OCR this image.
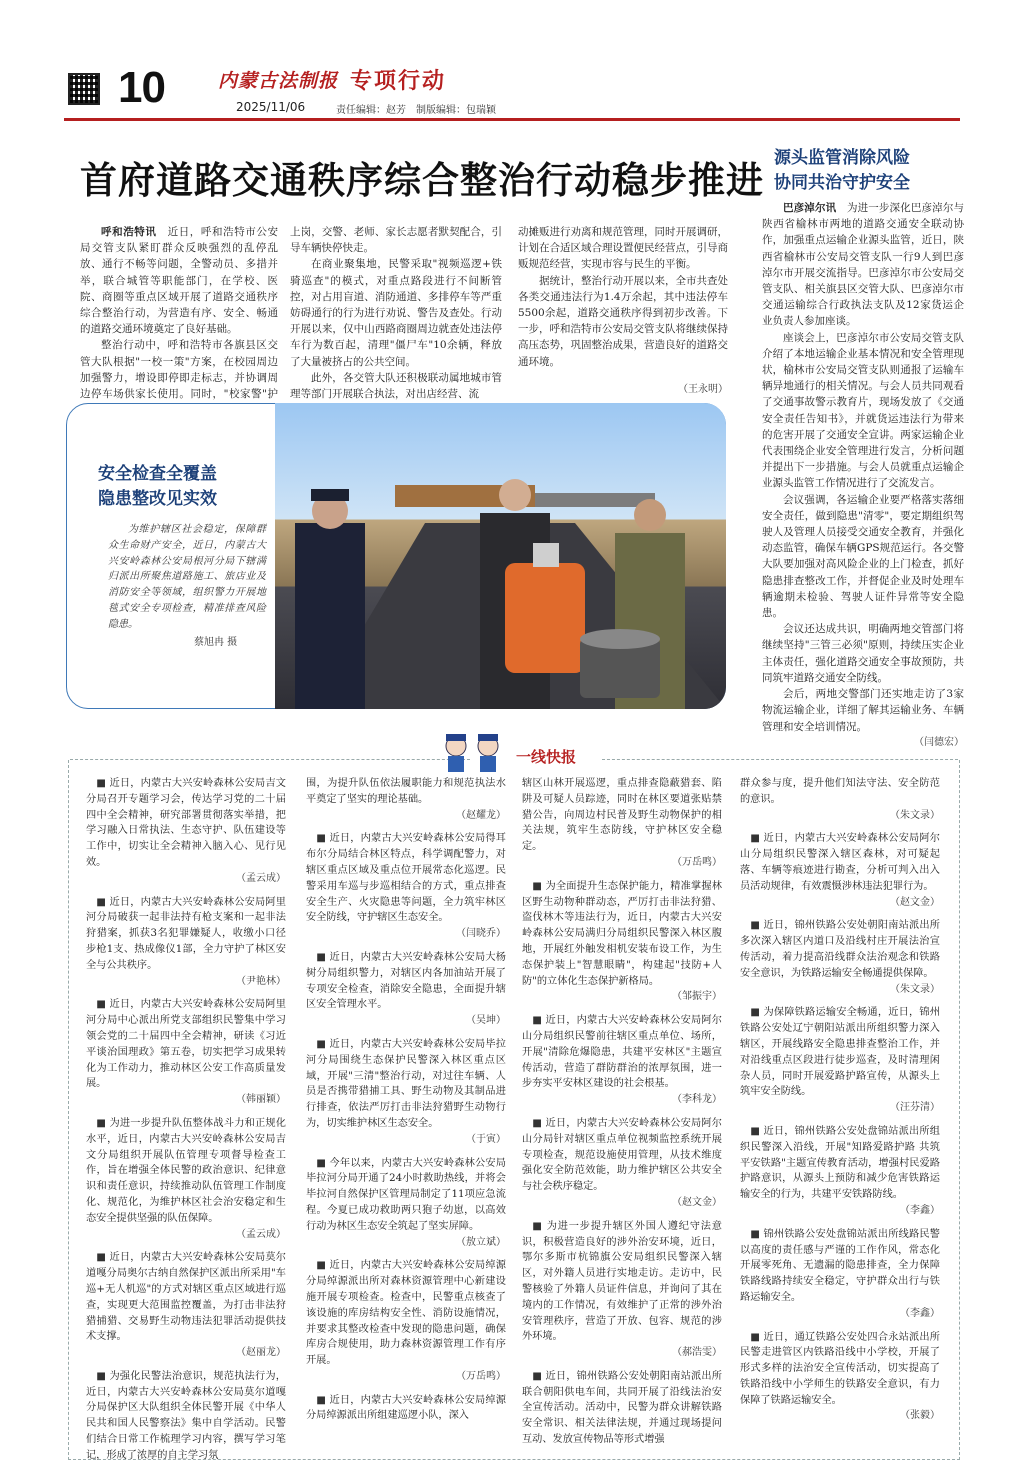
10	内蒙古法制报
2025/11/06
专项行动
责任编辑：赵芳　制版编辑：包瑞颖
首府道路交通秩序综合整治行动稳步推进

呼和浩特讯　 近日，呼和浩特市公安局交管支队紧盯群众反映强烈的乱停乱放、通行不畅等问题，全警动员、多措并举，联合城管等职能部门，在学校、医院、商圈等重点区域开展了道路交通秩序综合整治行动，为营造有序、安全、畅通的道路交通环境奠定了良好基础。

整治行动中，呼和浩特市各旗县区交管大队根据"一校一策"方案，在校园周边加强警力，增设即停即走标志，并协调周边停车场供家长使用。同时，"校家警"护

上岗，交警、老师、家长志愿者默契配合，引导车辆快停快走。

在商业聚集地，民警采取"视频巡逻+铁骑巡查"的模式，对重点路段进行不间断管控，对占用盲道、消防通道、多排停车等严重妨碍通行的行为进行劝说、警告及查处。行动开展以来，仅中山西路商圈周边就查处违法停车行为数百起，清理"僵尸车"10余辆，释放了大量被挤占的公共空间。

此外，各交管大队还积极联动属地城市管理等部门开展联合执法，对出店经营、流

动摊贩进行劝离和规范管理，同时开展调研，计划在合适区域合理设置便民经营点，引导商贩规范经营，实现市容与民生的平衡。

据统计，整治行动开展以来，全市共查处各类交通违法行为1.4万余起，其中违法停车5500余起，道路交通秩序得到初步改善。下一步，呼和浩特市公安局交管支队将继续保持高压态势，巩固整治成果，营造良好的道路交通环境。

（王永明）
源头监管消除风险
协同共治守护安全

巴彦淖尔讯　 为进一步深化巴彦淖尔与陕西省榆林市两地的道路交通安全联动协作，加强重点运输企业源头监管，近日，陕西省榆林市公安局交管支队一行9人到巴彦淖尔市开展交流指导。巴彦淖尔市公安局交管支队、相关旗县区交管大队、巴彦淖尔市交通运输综合行政执法支队及12家货运企业负责人参加座谈。

座谈会上，巴彦淖尔市公安局交管支队介绍了本地运输企业基本情况和安全管理现状，榆林市公安局交管支队则通报了运输车辆异地通行的相关情况。与会人员共同观看了交通事故警示教育片，现场发放了《交通安全责任告知书》，并就货运违法行为带来的危害开展了交通安全宣讲。两家运输企业代表围绕企业安全管理进行发言，分析问题并提出下一步措施。与会人员就重点运输企业源头监管工作情况进行了交流发言。

会议强调，各运输企业要严格落实落细安全责任，做到隐患"清零"，要定期组织驾驶人及管理人员接受交通安全教育，并强化动态监管，确保车辆GPS规范运行。各交警大队要加强对高风险企业的上门检查，抓好隐患排查整改工作，并督促企业及时处理车辆逾期未检验、驾驶人证件异常等安全隐患。

会议还达成共识，明确两地交管部门将继续坚持"三管三必须"原则，持续压实企业主体责任，强化道路交通安全事故预防，共同筑牢道路交通安全防线。

会后，两地交警部门还实地走访了3家物流运输企业，详细了解其运输业务、车辆管理和安全培训情况。

（闫德宏）
安全检查全覆盖
隐患整改见实效

为维护辖区社会稳定，保障群众生命财产安全，近日，内蒙古大兴安岭森林公安局根河分局下辖满归派出所聚焦道路施工、旅店业及消防安全等领域，组织警力开展地毯式安全专项检查，精准排查风险隐患。

蔡旭冉 摄
一线快报

■ 近日，内蒙古大兴安岭森林公安局吉文分局召开专题学习会，传达学习党的二十届四中全会精神，研究部署贯彻落实举措，把学习融入日常执法、生态守护、队伍建设等工作中，切实让全会精神入脑入心、见行见效。

（孟云成）

■ 近日，内蒙古大兴安岭森林公安局阿里河分局破获一起非法持有枪支案和一起非法狩猎案，抓获3名犯罪嫌疑人，收缴小口径步枪1支、热成像仪1部，全力守护了林区安全与公共秩序。

（尹艳林）

■ 近日，内蒙古大兴安岭森林公安局阿里河分局中心派出所党支部组织民警集中学习领会党的二十届四中全会精神，研读《习近平谈治国理政》第五卷，切实把学习成果转化为工作动力，推动林区公安工作高质量发展。

（韩丽颖）

■ 为进一步提升队伍整体战斗力和正规化水平，近日，内蒙古大兴安岭森林公安局吉文分局组织开展队伍管理专项督导检查工作，旨在增强全体民警的政治意识、纪律意识和责任意识，持续推动队伍管理工作制度化、规范化，为维护林区社会治安稳定和生态安全提供坚强的队伍保障。

（孟云成）

■ 近日，内蒙古大兴安岭森林公安局莫尔道嘎分局奥尔古纳自然保护区派出所采用"车巡+无人机巡"的方式对辖区重点区域进行巡查，实现更大范围监控覆盖，为打击非法狩猎捕猎、交易野生动物违法犯罪活动提供技术支撑。

（赵丽龙）

■ 为强化民警法治意识，规范执法行为，近日，内蒙古大兴安岭森林公安局莫尔道嘎分局保护区大队组织全体民警开展《中华人民共和国人民警察法》集中自学活动。民警们结合日常工作梳理学习内容，撰写学习笔记，形成了浓厚的自主学习氛

围，为提升队伍依法履职能力和规范执法水平奠定了坚实的理论基础。

（赵耀龙）

■ 近日，内蒙古大兴安岭森林公安局得耳布尔分局结合林区特点，科学调配警力，对辖区重点区域及重点位开展常态化巡逻。民警采用车巡与步巡相结合的方式，重点排查安全生产、火灾隐患等问题，全力筑牢林区安全防线，守护辖区生态安全。

（闫晓乔）

■ 近日，内蒙古大兴安岭森林公安局大杨树分局组织警力，对辖区内各加油站开展了专项安全检查，消除安全隐患，全面提升辖区安全管理水平。

（吴坤）

■ 近日，内蒙古大兴安岭森林公安局毕拉河分局围绕生态保护民警深入林区重点区域，开展"三清"整治行动，对过往车辆、人员是否携带猎捕工具、野生动物及其制品进行排查，依法严厉打击非法狩猎野生动物行为，切实维护林区生态安全。

（于寅）

■ 今年以来，内蒙古大兴安岭森林公安局毕拉河分局开通了24小时救助热线，并将会毕拉河自然保护区管理局制定了11项应急流程。今夏已成功救助两只狍子幼崽，以高效行动为林区生态安全筑起了坚实屏障。

（敖立斌）

■ 近日，内蒙古大兴安岭森林公安局绰源分局绰源派出所对森林资源管理中心新建设施开展专项检查。检查中，民警重点核查了该设施的库房结构安全性、消防设施情况，并要求其整改检查中发现的隐患问题，确保库房合规使用，助力森林资源管理工作有序开展。

（万岳鸣）

■ 近日，内蒙古大兴安岭森林公安局绰源分局绰源派出所组建巡逻小队，深入

辖区山林开展巡逻，重点排查隐蔽猎套、陷阱及可疑人员踪迹，同时在林区要道张贴禁猎公告，向周边村民普及野生动物保护的相关法规，筑牢生态防线，守护林区安全稳定。

（万岳鸣）

■ 为全面提升生态保护能力，精准掌握林区野生动物种群动态，严厉打击非法狩猎、盗伐林木等违法行为，近日，内蒙古大兴安岭森林公安局满归分局组织民警深入林区腹地，开展红外触发相机安装布设工作，为生态保护装上"智慧眼睛"，构建起"技防+人防"的立体化生态保护新格局。

（邹振宇）

■ 近日，内蒙古大兴安岭森林公安局阿尔山分局组织民警前往辖区重点单位、场所，开展"清除危爆隐患，共建平安林区"主题宣传活动，营造了群防群治的浓厚氛围，进一步夯实平安林区建设的社会根基。

（李科龙）

■ 近日，内蒙古大兴安岭森林公安局阿尔山分局针对辖区重点单位视频监控系统开展专项检查，规范设施使用管理，从技术维度强化安全防范效能，助力维护辖区公共安全与社会秩序稳定。

（赵文金）

■ 为进一步提升辖区外国人遵纪守法意识，积极营造良好的涉外治安环境，近日，鄂尔多斯市杭锦旗公安局组织民警深入辖区，对外籍人员进行实地走访。走访中，民警核验了外籍人员证件信息，并询问了其在境内的工作情况，有效维护了正常的涉外治安管理秩序，营造了开放、包容、规范的涉外环境。

（郝浩雯）

■ 近日，锦州铁路公安处朝阳南站派出所联合朝阳供电车间，共同开展了沿线法治安全宣传活动。活动中，民警为群众讲解铁路安全常识、相关法律法规，并通过现场提问互动、发放宣传物品等形式增强

群众参与度，提升他们知法守法、安全防范的意识。

（朱文录）

■ 近日，内蒙古大兴安岭森林公安局阿尔山分局组织民警深入辖区森林，对可疑起落、车辆等痕迹进行勘查，分析可判入出入员活动规律，有效震慑涉林违法犯罪行为。

（赵文金）

■ 近日，锦州铁路公安处朝阳南站派出所多次深入辖区内道口及沿线村庄开展法治宣传活动，着力提高沿线群众法治观念和铁路安全意识，为铁路运输安全畅通提供保障。

（朱文录）

■ 为保障铁路运输安全畅通，近日，锦州铁路公安处辽宁朝阳站派出所组织警力深入辖区，开展线路安全隐患排查整治工作，并对沿线重点区段进行徒步巡查，及时清理闲杂人员，同时开展爱路护路宣传，从源头上筑牢安全防线。

（汪芬清）

■ 近日，锦州铁路公安处盘锦站派出所组织民警深入沿线，开展"知路爱路护路 共筑平安铁路"主题宣传教育活动，增强村民爱路护路意识，从源头上预防和减少危害铁路运输安全的行为，共建平安铁路防线。

（李鑫）

■ 锦州铁路公安处盘锦站派出所线路民警以高度的责任感与严谨的工作作风，常态化开展零死角、无遗漏的隐患排查，全力保障铁路线路持续安全稳定，守护群众出行与铁路运输安全。

（李鑫）

■ 近日，通辽铁路公安处四合永站派出所民警走进管区内铁路沿线中小学校，开展了形式多样的法治安全宣传活动，切实提高了铁路沿线中小学师生的铁路安全意识，有力保障了铁路运输安全。

（张毅）
